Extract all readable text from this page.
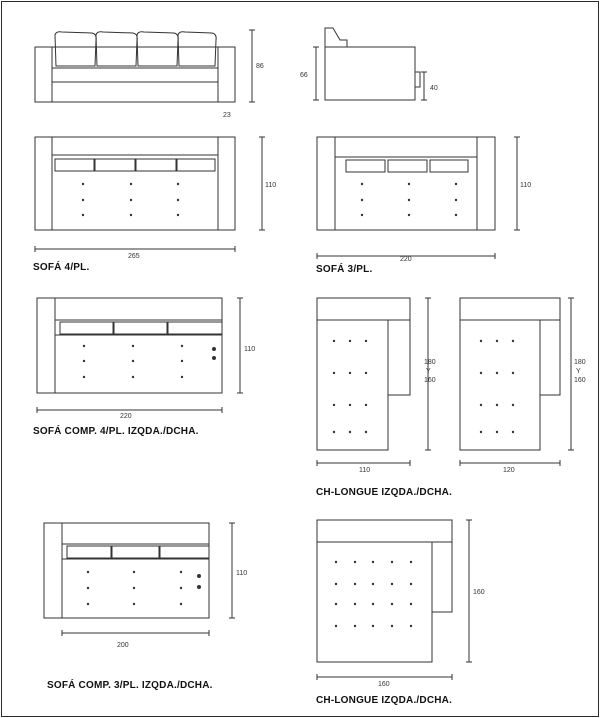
86
23
66
40
110
265
110
220
110
220
180
Y
160
110
180
Y
160
120
110
200
160
160
SOFÁ 4/PL.	SOFÁ 3/PL.
SOFÁ COMP. 4/PL. IZQDA./DCHA.
CH-LONGUE IZQDA./DCHA.
SOFÁ COMP. 3/PL. IZQDA./DCHA.
CH-LONGUE IZQDA./DCHA.
